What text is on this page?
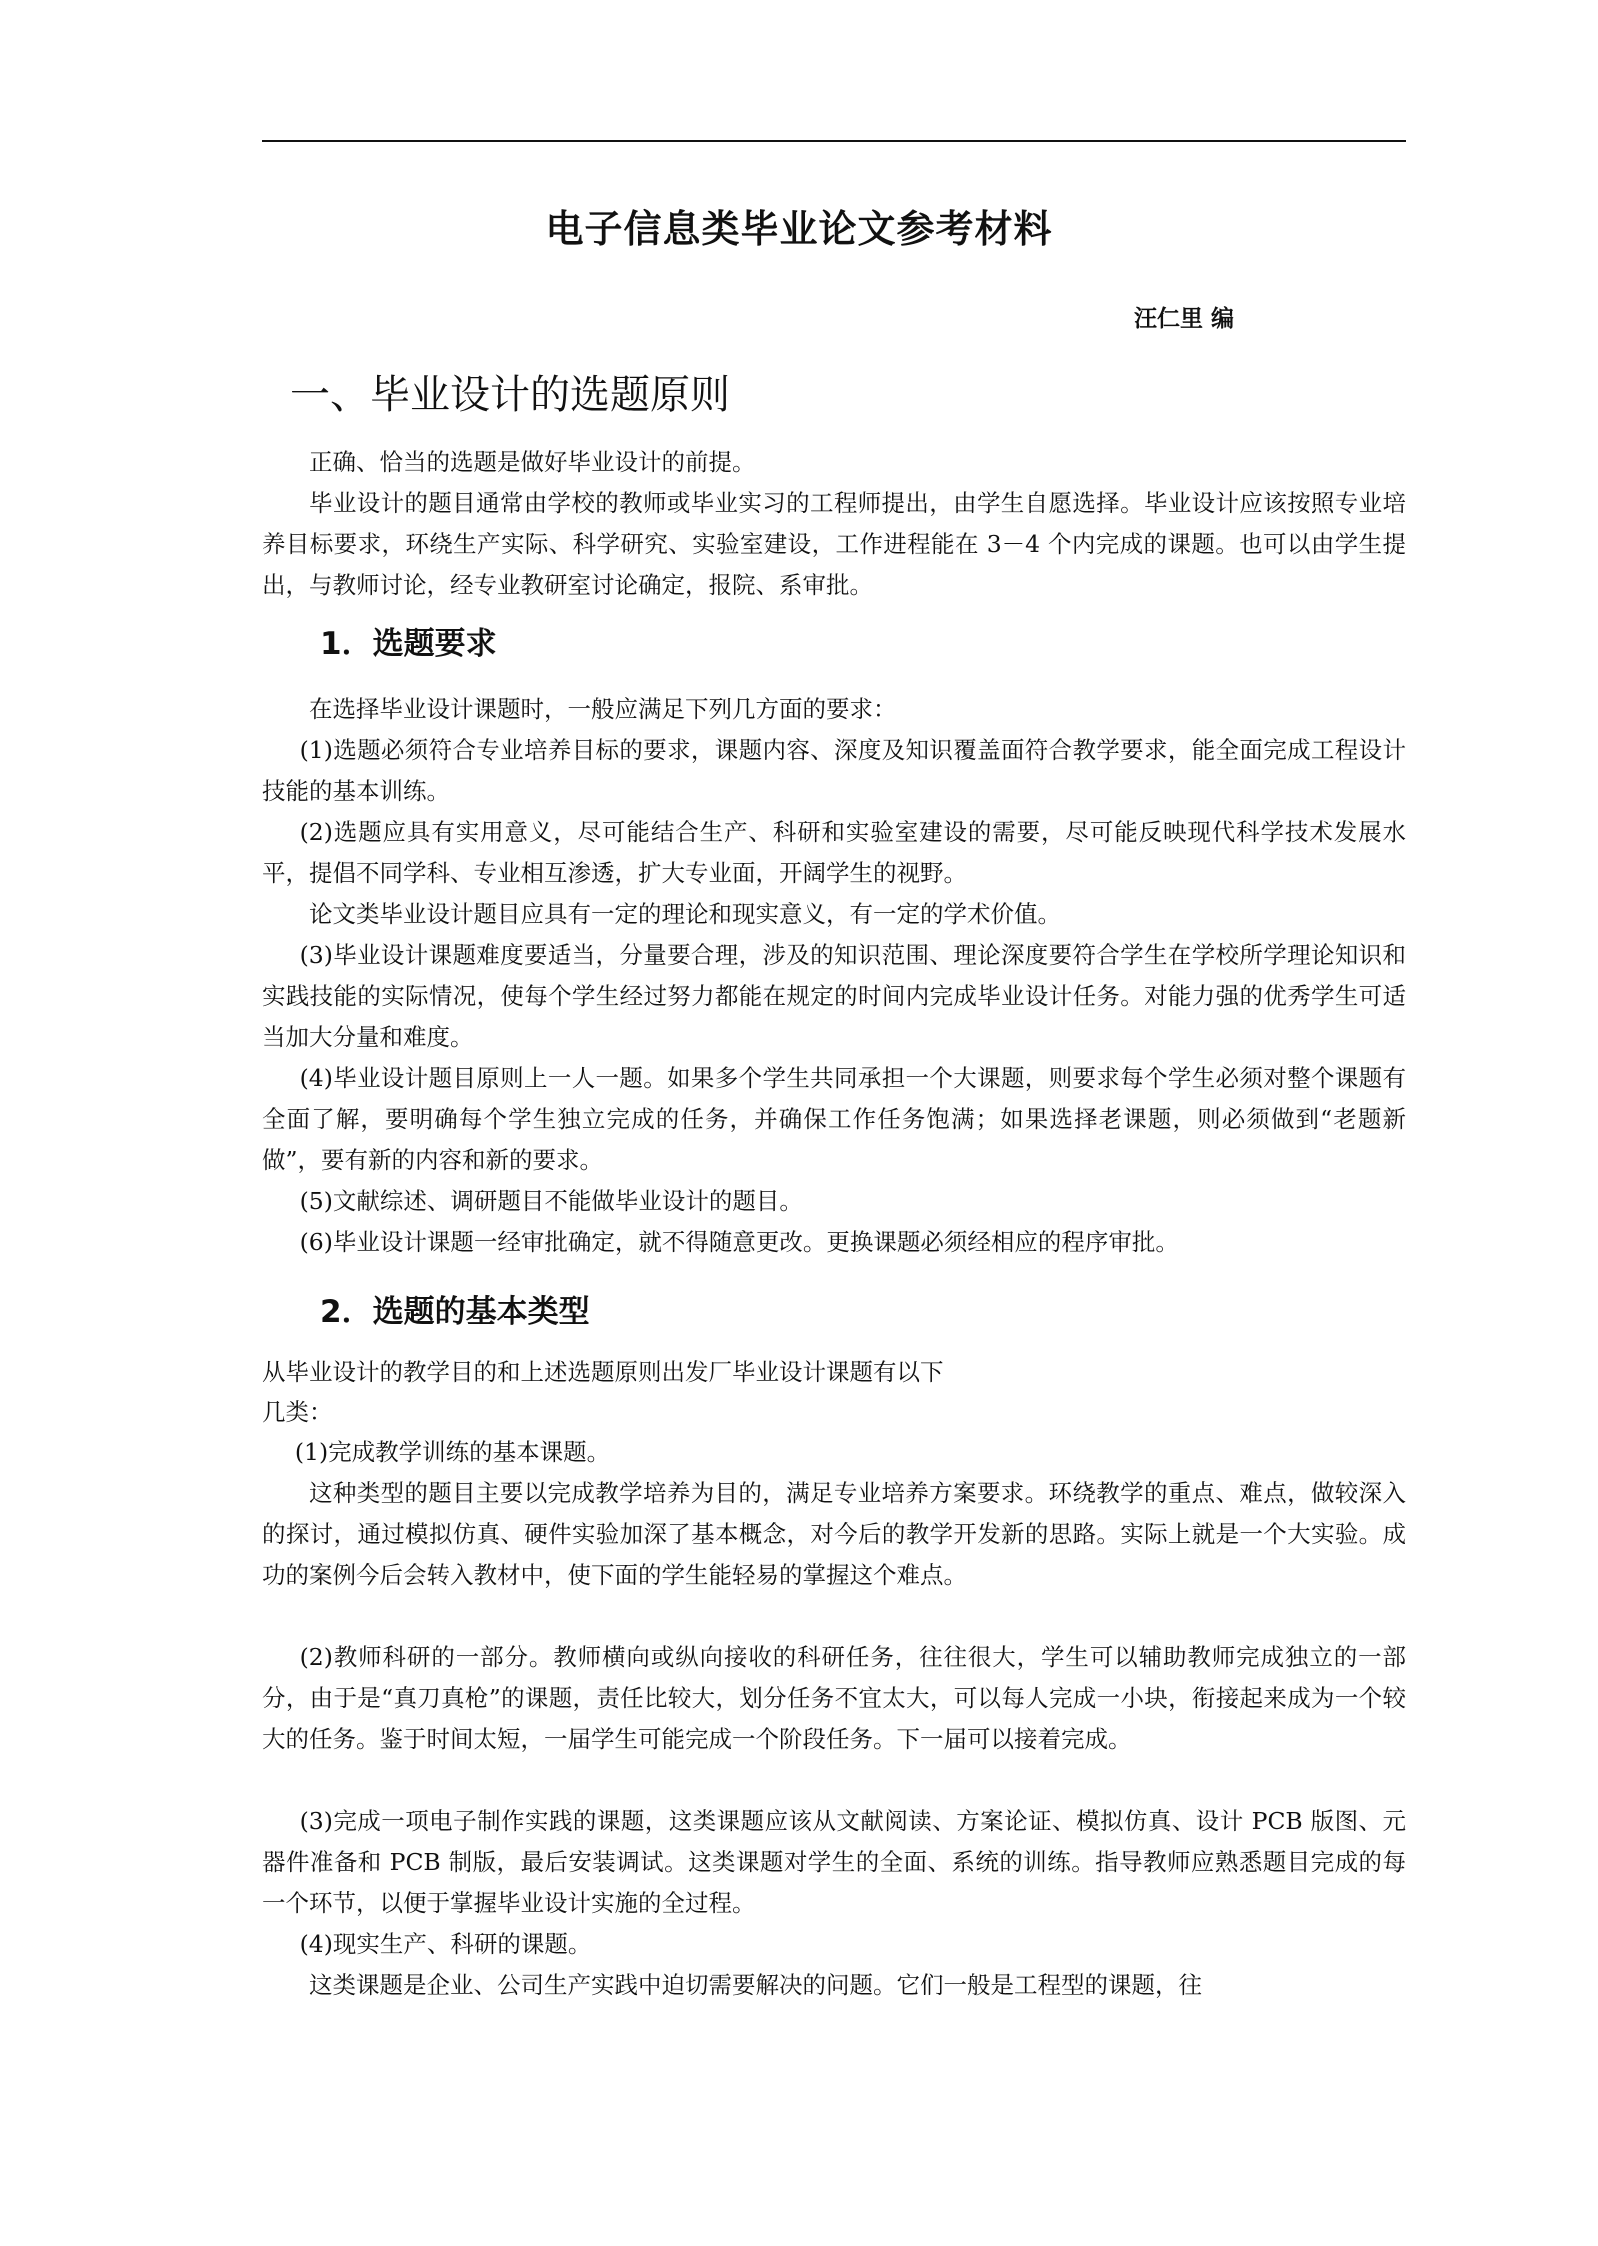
电子信息类毕业论文参考材料
汪仁里 编
一、毕业设计的选题原则

正确、恰当的选题是做好毕业设计的前提。

毕业设计的题目通常由学校的教师或毕业实习的工程师提出，由学生自愿选择。毕业设计应该按照专业培养目标要求，环绕生产实际、科学研究、实验室建设，工作进程能在 3－4 个内完成的课题。也可以由学生提出，与教师讨论，经专业教研室讨论确定，报院、系审批。

1．选题要求

在选择毕业设计课题时，一般应满足下列几方面的要求：

(1)选题必须符合专业培养目标的要求，课题内容、深度及知识覆盖面符合教学要求，能全面完成工程设计技能的基本训练。

(2)选题应具有实用意义，尽可能结合生产、科研和实验室建设的需要，尽可能反映现代科学技术发展水平，提倡不同学科、专业相互渗透，扩大专业面，开阔学生的视野。

论文类毕业设计题目应具有一定的理论和现实意义，有一定的学术价值。

(3)毕业设计课题难度要适当，分量要合理，涉及的知识范围、理论深度要符合学生在学校所学理论知识和实践技能的实际情况，使每个学生经过努力都能在规定的时间内完成毕业设计任务。对能力强的优秀学生可适当加大分量和难度。

(4)毕业设计题目原则上一人一题。如果多个学生共同承担一个大课题，则要求每个学生必须对整个课题有全面了解，要明确每个学生独立完成的任务，并确保工作任务饱满；如果选择老课题，则必须做到“老题新做”，要有新的内容和新的要求。

(5)文献综述、调研题目不能做毕业设计的题目。

(6)毕业设计课题一经审批确定，就不得随意更改。更换课题必须经相应的程序审批。

2．选题的基本类型

从毕业设计的教学目的和上述选题原则出发厂毕业设计课题有以下

几类：

(1)完成教学训练的基本课题。

这种类型的题目主要以完成教学培养为目的，满足专业培养方案要求。环绕教学的重点、难点，做较深入的探讨，通过模拟仿真、硬件实验加深了基本概念，对今后的教学开发新的思路。实际上就是一个大实验。成功的案例今后会转入教材中，使下面的学生能轻易的掌握这个难点。

(2)教师科研的一部分。教师横向或纵向接收的科研任务，往往很大，学生可以辅助教师完成独立的一部分，由于是“真刀真枪”的课题，责任比较大，划分任务不宜太大，可以每人完成一小块，衔接起来成为一个较大的任务。鉴于时间太短，一届学生可能完成一个阶段任务。下一届可以接着完成。

(3)完成一项电子制作实践的课题，这类课题应该从文献阅读、方案论证、模拟仿真、设计 PCB 版图、元器件准备和 PCB 制版，最后安装调试。这类课题对学生的全面、系统的训练。指导教师应熟悉题目完成的每一个环节，以便于掌握毕业设计实施的全过程。

(4)现实生产、科研的课题。

这类课题是企业、公司生产实践中迫切需要解决的问题。它们一般是工程型的课题，往
